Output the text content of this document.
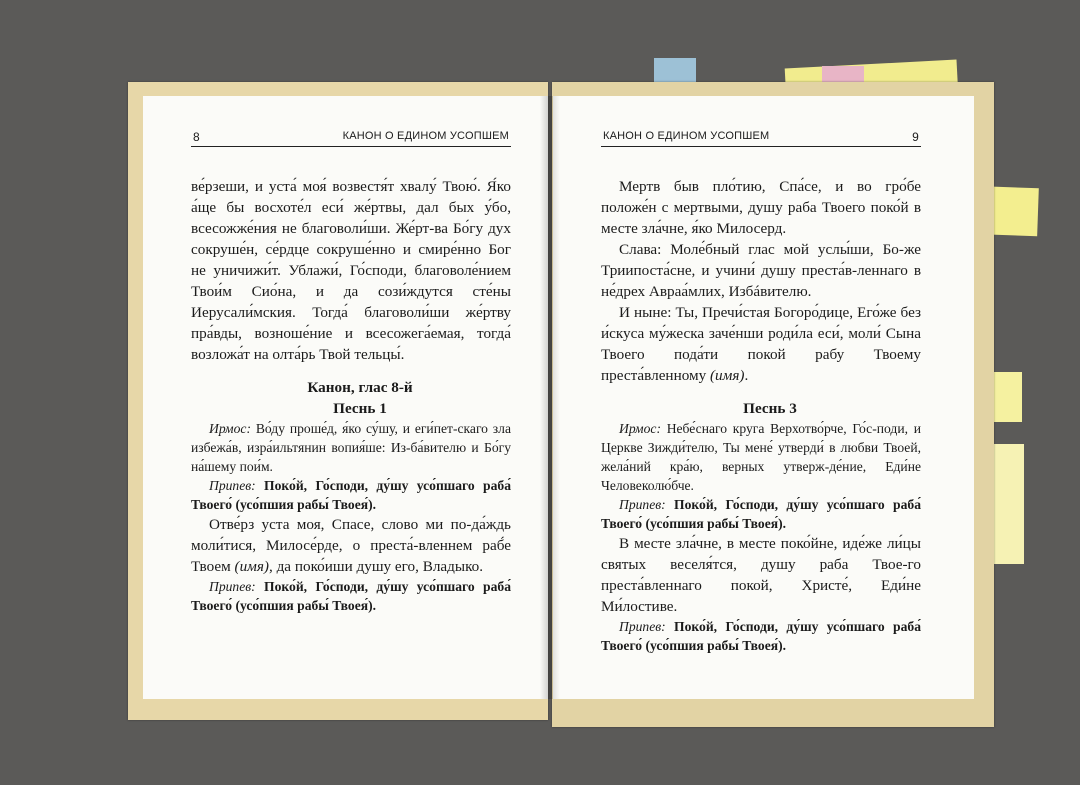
8	КАНОН О ЕДИНОМ УСОПШЕМ

ве́рзеши, и уста́ моя́ возвестя́т хвалу́ Твою́. Я́ко а́ще бы восхоте́л еси́ же́ртвы, дал бых у́бо, всесожже́ния не благоволи́ши. Же́рт-ва Бо́гу дух сокруше́н, се́рдце сокруше́нно и смире́нно Бог не уничижи́т. Ублажи́, Го́споди, благоволе́нием Твои́м Сио́на, и да сози́ждутся сте́ны Иерусали́мския. Тогда́ благоволи́ши же́ртву пра́вды, возноше́ние и всесожега́емая, тогда́ возложа́т на олта́рь Твой тельцы́.

Канон, глас 8-й

Песнь 1

Ирмос: Во́ду проше́д, я́ко су́шу, и еги́пет-скаго зла избежа́в, изра́ильтянин вопия́ше: Из-ба́вителю и Бо́гу на́шему пои́м.

Припев: Поко́й, Го́споди, ду́шу усо́пшаго раба́ Твоего́ (усо́пшия рабы́ Твоея́).

Отве́рз уста моя, Спасе, слово ми по-да́ждь моли́тися, Милосе́рде, о преста́-вленнем раб́е Твоем (имя), да поко́иши душу его, Владыко.

Припев: Поко́й, Го́споди, ду́шу усо́пшаго раба́ Твоего́ (усо́пшия рабы́ Твоея́).

КАНОН О ЕДИНОМ УСОПШЕМ	9

Мертв быв пло́тию, Спа́се, и во гро́бе положе́н с мертвыми, душу раба Твоего поко́й в месте зла́чне, я́ко Милосерд.

Слава: Моле́бный глас мой услы́ши, Бо-же Триипоста́сне, и учини́ душу преста́в-леннаго в не́дрех Авраа́млих, Избáвителю.

И ныне: Ты, Пречи́стая Богоро́дице, Его́же без и́скуса му́жеска заче́нши роди́ла еси́, моли́ Сына Твоего пода́ти покой рабу Твоему преста́вленному (имя).

Песнь 3

Ирмос: Небе́снаго круга Верхотво́рче, Го́с-поди, и Церкве Зижди́телю, Ты мене́ утверди́ в любви Твоей, жела́ний кра́ю, верных утверж-де́ние, Еди́не Человеколю́бче.

Припев: Поко́й, Го́споди, ду́шу усо́пшаго раба́ Твоего́ (усо́пшия рабы́ Твоея́).

В месте зла́чне, в месте поко́йне, иде́же ли́цы святых веселя́тся, душу раба Твое-го преста́вленнаго покой, Христе́, Еди́не Ми́лостиве.

Припев: Поко́й, Го́споди, ду́шу усо́пшаго раба́ Твоего́ (усо́пшия рабы́ Твоея́).
